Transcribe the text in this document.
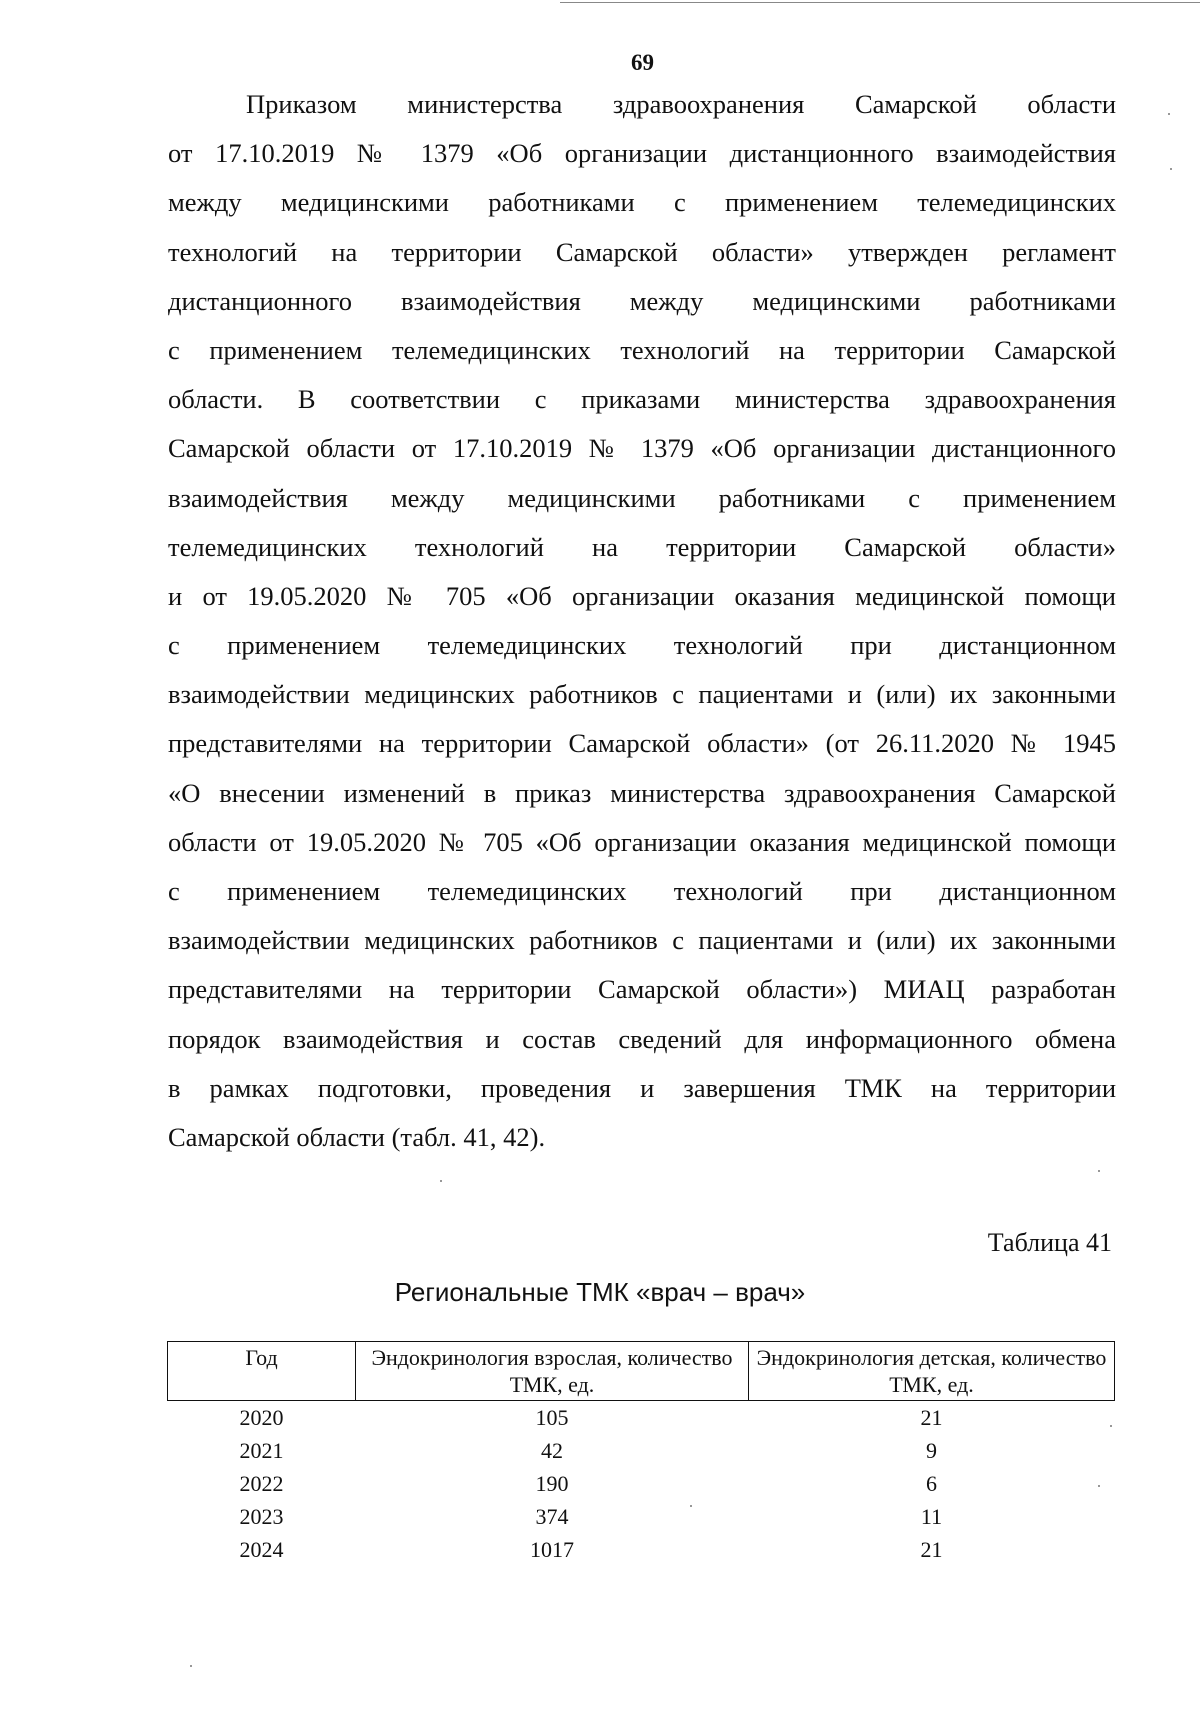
69
Приказом министерства здравоохранения Самарской области
от 17.10.2019 № 1379 «Об организации дистанционного взаимодействия
между медицинскими работниками с применением телемедицинских
технологий на территории Самарской области» утвержден регламент
дистанционного взаимодействия между медицинскими работниками
с применением телемедицинских технологий на территории Самарской
области. В соответствии с приказами министерства здравоохранения
Самарской области от 17.10.2019 № 1379 «Об организации дистанционного
взаимодействия между медицинскими работниками с применением
телемедицинских технологий на территории Самарской области»
и от 19.05.2020 № 705 «Об организации оказания медицинской помощи
с применением телемедицинских технологий при дистанционном
взаимодействии медицинских работников с пациентами и (или) их законными
представителями на территории Самарской области» (от 26.11.2020 № 1945
«О внесении изменений в приказ министерства здравоохранения Самарской
области от 19.05.2020 № 705 «Об организации оказания медицинской помощи
с применением телемедицинских технологий при дистанционном
взаимодействии медицинских работников с пациентами и (или) их законными
представителями на территории Самарской области») МИАЦ разработан
порядок взаимодействия и состав сведений для информационного обмена
в рамках подготовки, проведения и завершения ТМК на территории
Самарской области (табл. 41, 42).
Таблица 41
Региональные ТМК «врач – врач»
Год	Эндокринология взрослая, количество ТМК, ед.	Эндокринология детская, количество ТМК, ед.
2020	105	21
2021	42	9
2022	190	6
2023	374	11
2024	1017	21
